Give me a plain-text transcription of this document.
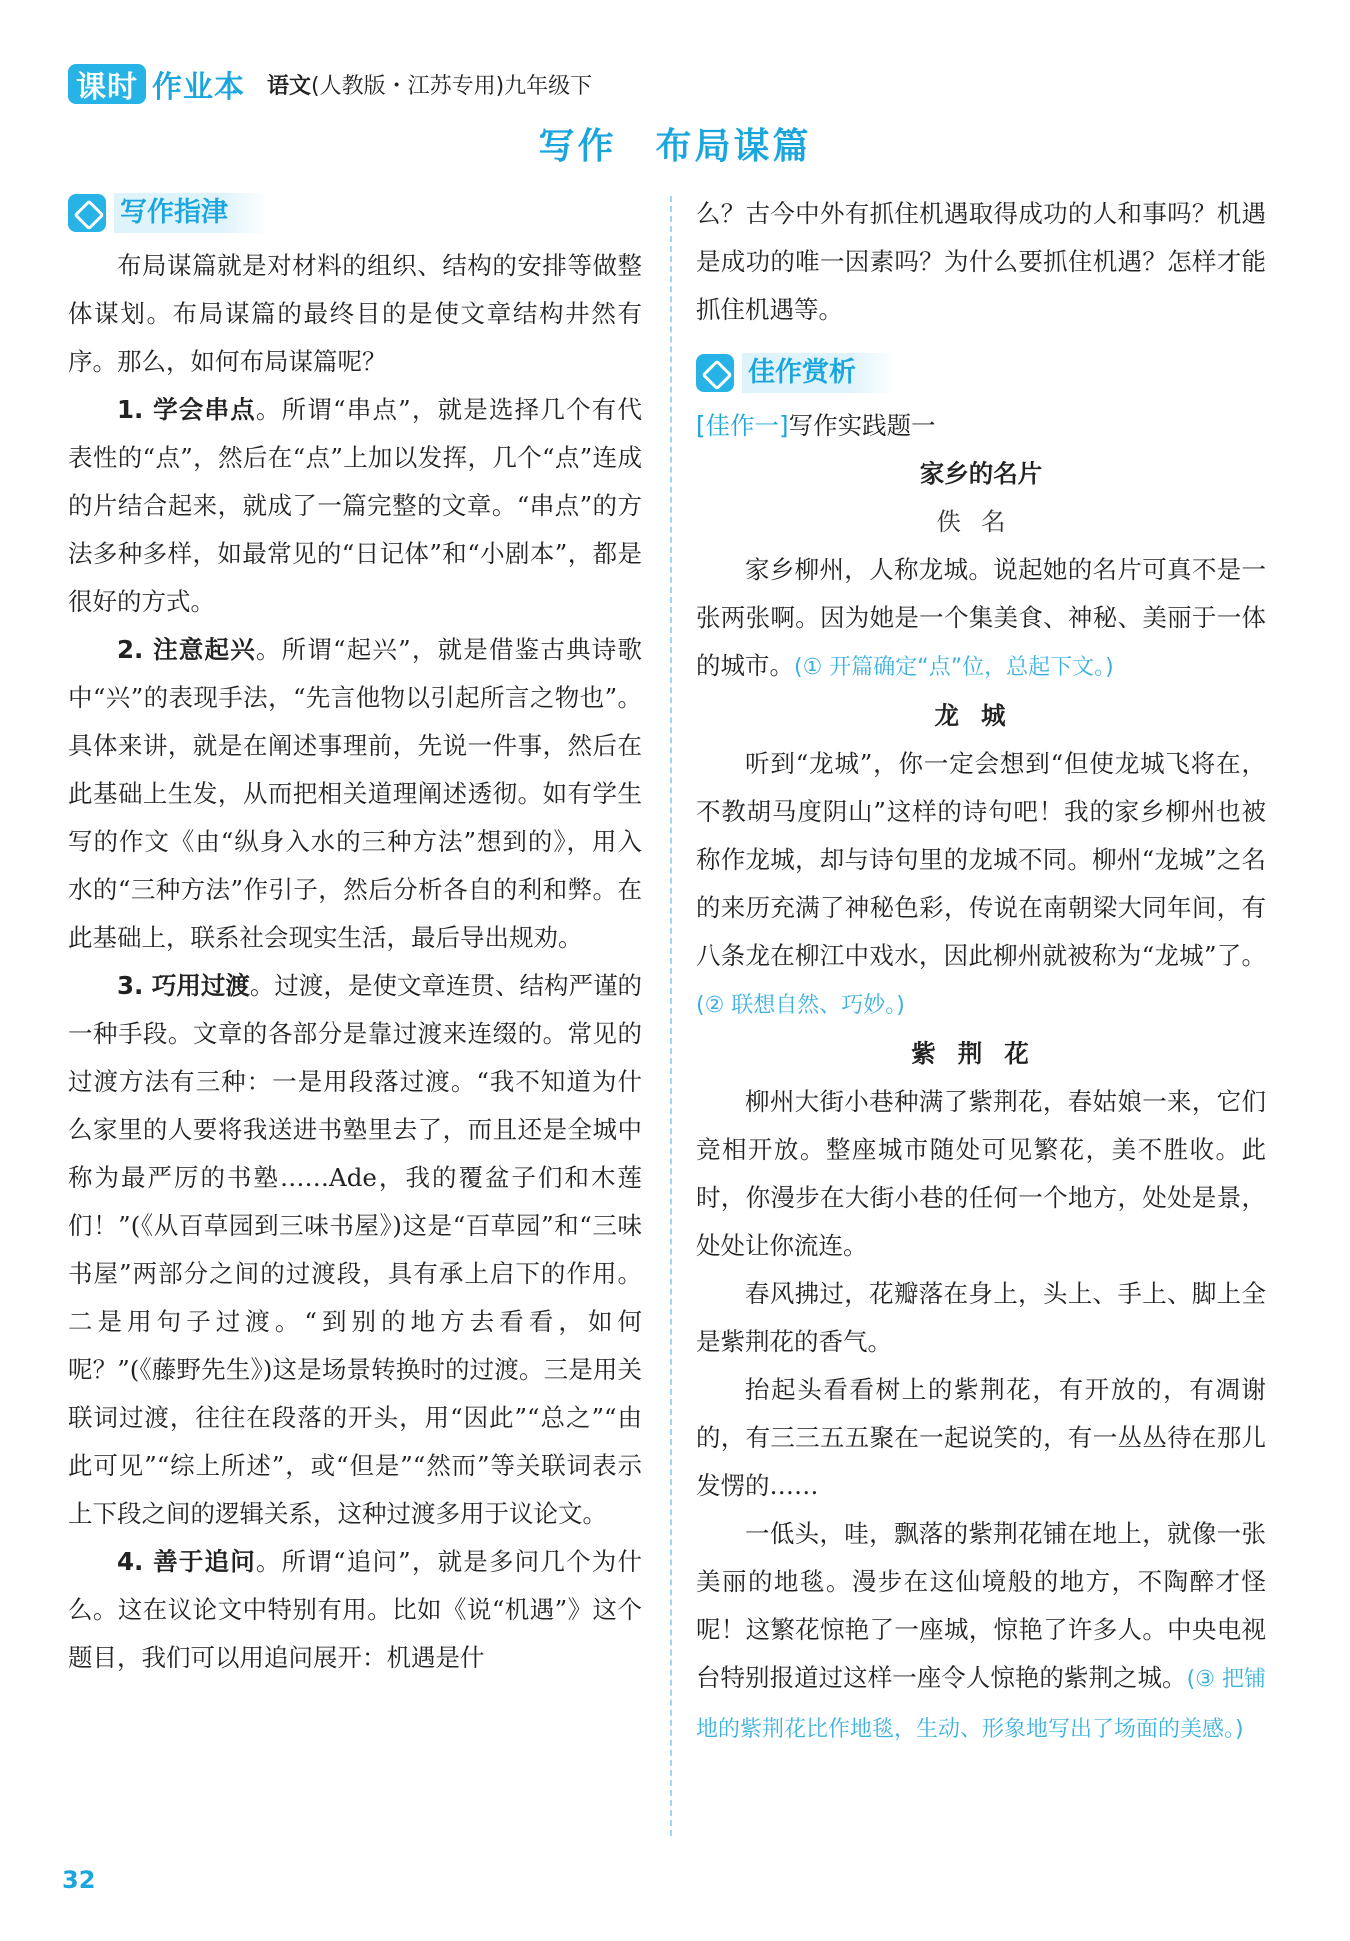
课时 作业本 语文(人教版・江苏专用)九年级下
写作　布局谋篇
写作指津

布局谋篇就是对材料的组织、结构的安排等做整体谋划。布局谋篇的最终目的是使文章结构井然有序。那么，如何布局谋篇呢？

1. 学会串点。所谓“串点”，就是选择几个有代表性的“点”，然后在“点”上加以发挥，几个“点”连成的片结合起来，就成了一篇完整的文章。“串点”的方法多种多样，如最常见的“日记体”和“小剧本”，都是很好的方式。

2. 注意起兴。所谓“起兴”，就是借鉴古典诗歌中“兴”的表现手法，“先言他物以引起所言之物也”。具体来讲，就是在阐述事理前，先说一件事，然后在此基础上生发，从而把相关道理阐述透彻。如有学生写的作文《由“纵身入水的三种方法”想到的》，用入水的“三种方法”作引子，然后分析各自的利和弊。在此基础上，联系社会现实生活，最后导出规劝。

3. 巧用过渡。过渡，是使文章连贯、结构严谨的一种手段。文章的各部分是靠过渡来连缀的。常见的过渡方法有三种：一是用段落过渡。“我不知道为什么家里的人要将我送进书塾里去了，而且还是全城中称为最严厉的书塾……Ade，我的覆盆子们和木莲们！”(《从百草园到三味书屋》)这是“百草园”和“三味书屋”两部分之间的过渡段，具有承上启下的作用。二是用句子过渡。“到别的地方去看看，如何呢？”(《藤野先生》)这是场景转换时的过渡。三是用关联词过渡，往往在段落的开头，用“因此”“总之”“由此可见”“综上所述”，或“但是”“然而”等关联词表示上下段之间的逻辑关系，这种过渡多用于议论文。

4. 善于追问。所谓“追问”，就是多问几个为什么。这在议论文中特别有用。比如《说“机遇”》这个题目，我们可以用追问展开：机遇是什

么？古今中外有抓住机遇取得成功的人和事吗？机遇是成功的唯一因素吗？为什么要抓住机遇？怎样才能抓住机遇等。

佳作赏析

[佳作一]写作实践题一

家乡的名片

佚名

家乡柳州，人称龙城。说起她的名片可真不是一张两张啊。因为她是一个集美食、神秘、美丽于一体的城市。(① 开篇确定“点”位，总起下文。)

龙城

听到“龙城”，你一定会想到“但使龙城飞将在，不教胡马度阴山”这样的诗句吧！我的家乡柳州也被称作龙城，却与诗句里的龙城不同。柳州“龙城”之名的来历充满了神秘色彩，传说在南朝梁大同年间，有八条龙在柳江中戏水，因此柳州就被称为“龙城”了。(② 联想自然、巧妙。)

紫荆花

柳州大街小巷种满了紫荆花，春姑娘一来，它们竞相开放。整座城市随处可见繁花，美不胜收。此时，你漫步在大街小巷的任何一个地方，处处是景，处处让你流连。

春风拂过，花瓣落在身上，头上、手上、脚上全是紫荆花的香气。

抬起头看看树上的紫荆花，有开放的，有凋谢的，有三三五五聚在一起说笑的，有一丛丛待在那儿发愣的……

一低头，哇，飘落的紫荆花铺在地上，就像一张美丽的地毯。漫步在这仙境般的地方，不陶醉才怪呢！这繁花惊艳了一座城，惊艳了许多人。中央电视台特别报道过这样一座令人惊艳的紫荆之城。(③ 把铺地的紫荆花比作地毯，生动、形象地写出了场面的美感。)

32
